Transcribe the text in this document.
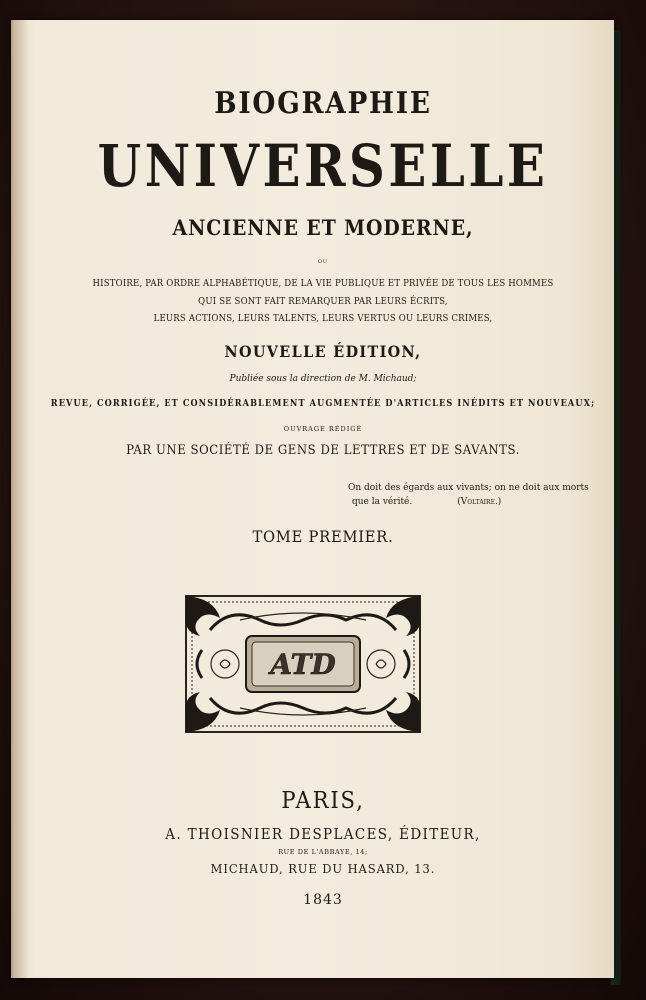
BIOGRAPHIE

UNIVERSELLE

ANCIENNE ET MODERNE,

ou

HISTOIRE, PAR ORDRE ALPHABÉTIQUE, DE LA VIE PUBLIQUE ET PRIVÉE DE TOUS LES HOMMES

QUI SE SONT FAIT REMARQUER PAR LEURS ÉCRITS,

LEURS ACTIONS, LEURS TALENTS, LEURS VERTUS OU LEURS CRIMES,

NOUVELLE ÉDITION,

Publiée sous la direction de M. Michaud;

REVUE, CORRIGÉE, ET CONSIDÉRABLEMENT AUGMENTÉE D'ARTICLES INÉDITS ET NOUVEAUX;

OUVRAGE RÉDIGÉ

PAR UNE SOCIÉTÉ DE GENS DE LETTRES ET DE SAVANTS.

On doit des égards aux vivants; on ne doit aux morts
que la vérité.	(Voltaire.)

TOME PREMIER.

ATD

PARIS,

A. THOISNIER DESPLACES, ÉDITEUR,

RUE DE L'ABBAYE, 14;

MICHAUD, RUE DU HASARD, 13.

1843
